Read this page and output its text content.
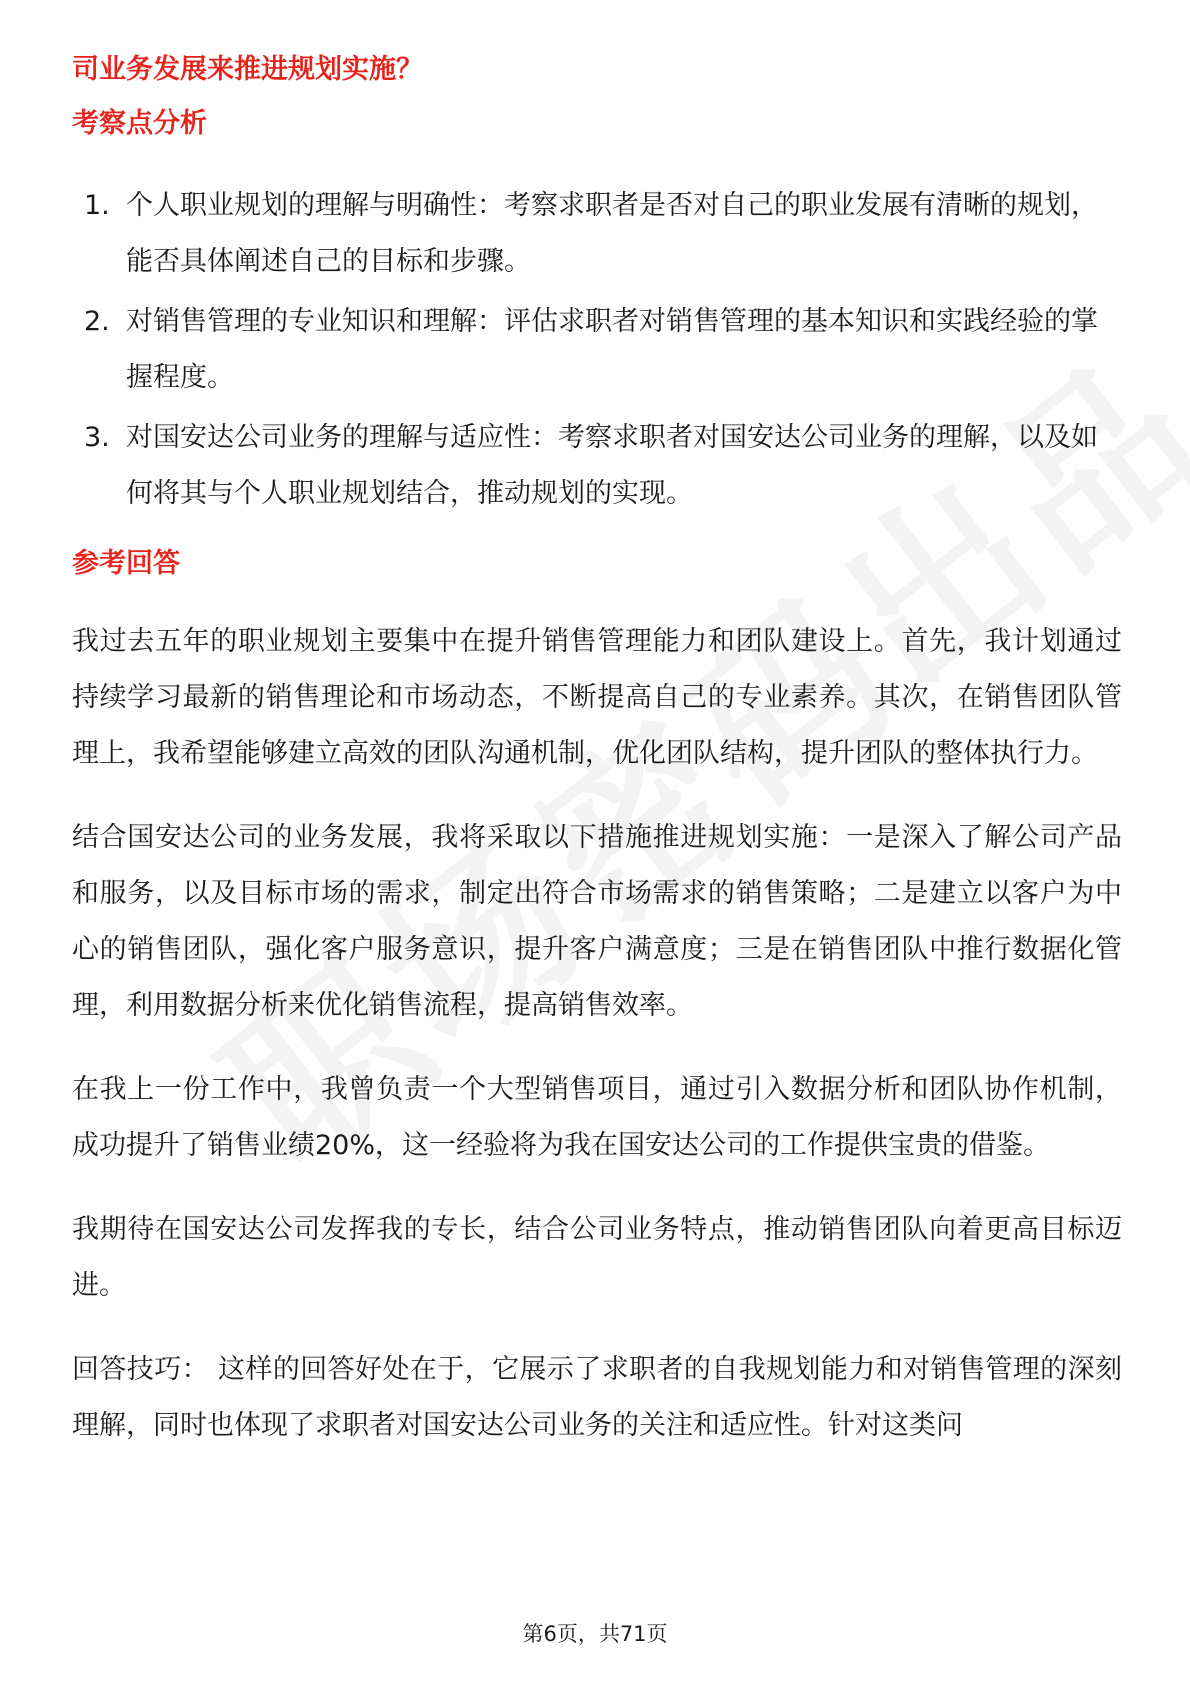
司业务发展来推进规划实施？

考察点分析

1. 个人职业规划的理解与明确性：考察求职者是否对自己的职业发展有清晰的规划，能否具体阐述自己的目标和步骤。
2. 对销售管理的专业知识和理解：评估求职者对销售管理的基本知识和实践经验的掌握程度。
3. 对国安达公司业务的理解与适应性：考察求职者对国安达公司业务的理解，以及如何将其与个人职业规划结合，推动规划的实现。

参考回答

我过去五年的职业规划主要集中在提升销售管理能力和团队建设上。首先，我计划通过持续学习最新的销售理论和市场动态，不断提高自己的专业素养。其次，在销售团队管理上，我希望能够建立高效的团队沟通机制，优化团队结构，提升团队的整体执行力。

结合国安达公司的业务发展，我将采取以下措施推进规划实施：一是深入了解公司产品和服务，以及目标市场的需求，制定出符合市场需求的销售策略；二是建立以客户为中心的销售团队，强化客户服务意识，提升客户满意度；三是在销售团队中推行数据化管理，利用数据分析来优化销售流程，提高销售效率。

在我上一份工作中，我曾负责一个大型销售项目，通过引入数据分析和团队协作机制，成功提升了销售业绩20%，这一经验将为我在国安达公司的工作提供宝贵的借鉴。

我期待在国安达公司发挥我的专长，结合公司业务特点，推动销售团队向着更高目标迈进。

回答技巧： 这样的回答好处在于，它展示了求职者的自我规划能力和对销售管理的深刻理解，同时也体现了求职者对国安达公司业务的关注和适应性。针对这类问

第6页，共71页
